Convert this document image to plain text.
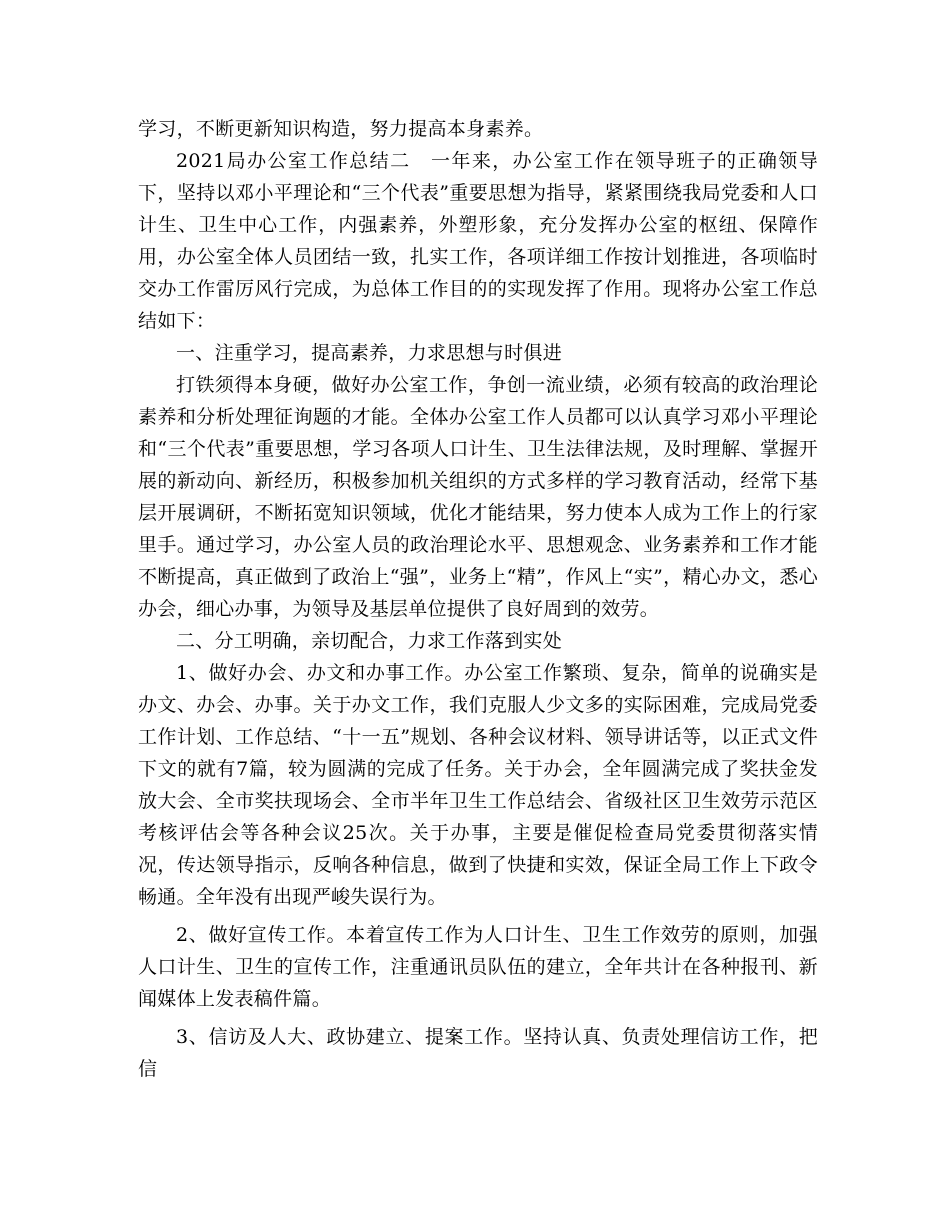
学习，不断更新知识构造，努力提高本身素养。

2021局办公室工作总结二　一年来，办公室工作在领导班子的正确领导下，坚持以邓小平理论和“三个代表”重要思想为指导，紧紧围绕我局党委和人口计生、卫生中心工作，内强素养，外塑形象，充分发挥办公室的枢纽、保障作用，办公室全体人员团结一致，扎实工作，各项详细工作按计划推进，各项临时交办工作雷厉风行完成，为总体工作目的的实现发挥了作用。现将办公室工作总结如下：

一、注重学习，提高素养，力求思想与时俱进

打铁须得本身硬，做好办公室工作，争创一流业绩，必须有较高的政治理论素养和分析处理征询题的才能。全体办公室工作人员都可以认真学习邓小平理论和“三个代表”重要思想，学习各项人口计生、卫生法律法规，及时理解、掌握开展的新动向、新经历，积极参加机关组织的方式多样的学习教育活动，经常下基层开展调研，不断拓宽知识领域，优化才能结果，努力使本人成为工作上的行家里手。通过学习，办公室人员的政治理论水平、思想观念、业务素养和工作才能不断提高，真正做到了政治上“强”，业务上“精”，作风上“实”，精心办文，悉心办会，细心办事，为领导及基层单位提供了良好周到的效劳。

二、分工明确，亲切配合，力求工作落到实处

1、做好办会、办文和办事工作。办公室工作繁琐、复杂，简单的说确实是办文、办会、办事。关于办文工作，我们克服人少文多的实际困难，完成局党委工作计划、工作总结、“十一五”规划、各种会议材料、领导讲话等，以正式文件下文的就有7篇，较为圆满的完成了任务。关于办会，全年圆满完成了奖扶金发放大会、全市奖扶现场会、全市半年卫生工作总结会、省级社区卫生效劳示范区考核评估会等各种会议25次。关于办事，主要是催促检查局党委贯彻落实情况，传达领导指示，反响各种信息，做到了快捷和实效，保证全局工作上下政令畅通。全年没有出现严峻失误行为。

2、做好宣传工作。本着宣传工作为人口计生、卫生工作效劳的原则，加强人口计生、卫生的宣传工作，注重通讯员队伍的建立，全年共计在各种报刊、新闻媒体上发表稿件篇。

3、信访及人大、政协建立、提案工作。坚持认真、负责处理信访工作，把信
